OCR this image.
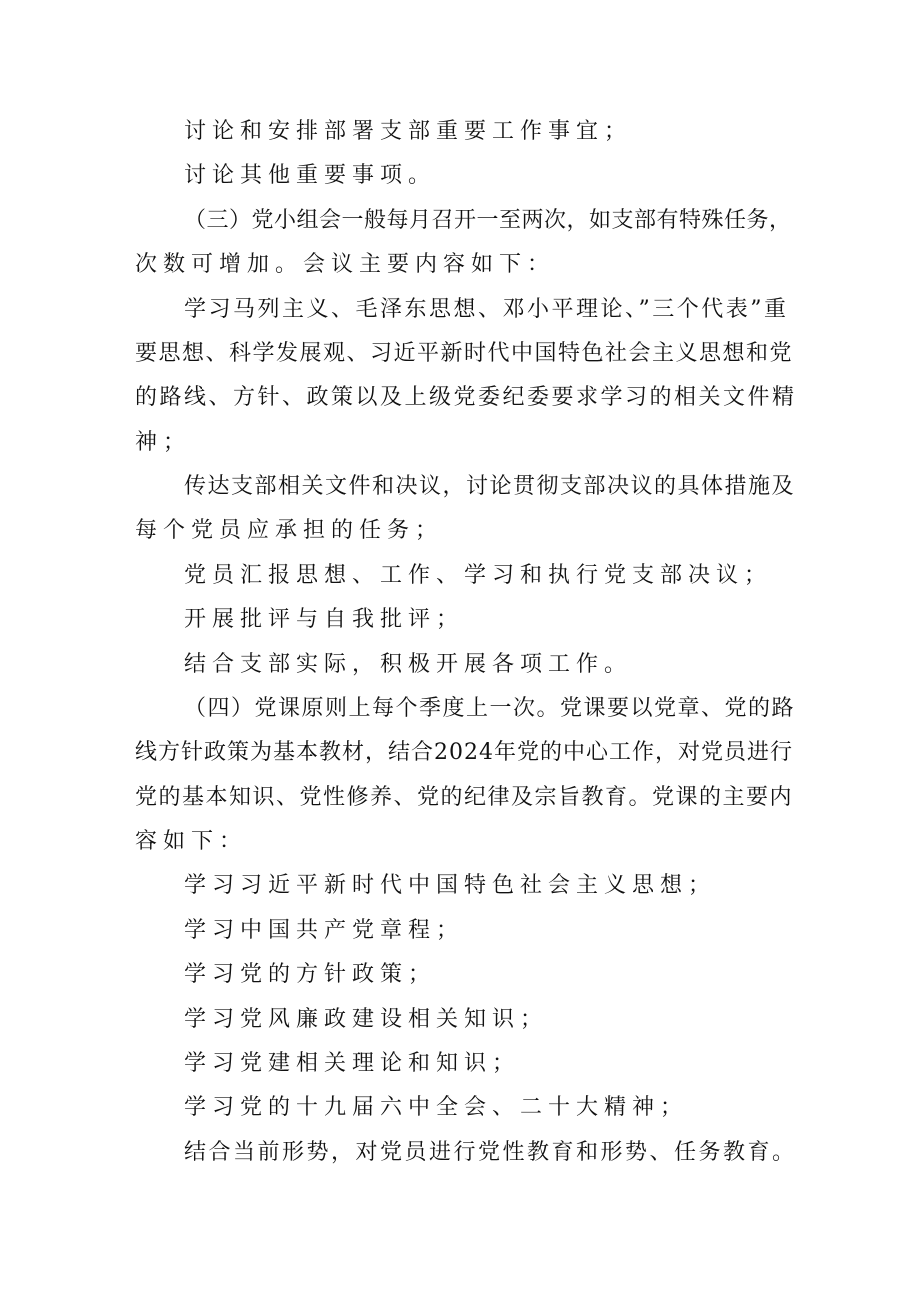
讨论和安排部署支部重要工作事宜；
讨论其他重要事项。
（三）党小组会一般每月召开一至两次，如支部有特殊任务，
次数可增加。会议主要内容如下：
学习马列主义、毛泽东思想、邓小平理论、”三个代表”重
要思想、科学发展观、习近平新时代中国特色社会主义思想和党
的路线、方针、政策以及上级党委纪委要求学习的相关文件精
神；
传达支部相关文件和决议，讨论贯彻支部决议的具体措施及
每个党员应承担的任务；
党员汇报思想、工作、学习和执行党支部决议；
开展批评与自我批评；
结合支部实际，积极开展各项工作。
（四）党课原则上每个季度上一次。党课要以党章、党的路
线方针政策为基本教材，结合2024年党的中心工作，对党员进行
党的基本知识、党性修养、党的纪律及宗旨教育。党课的主要内
容如下：
学习习近平新时代中国特色社会主义思想；
学习中国共产党章程；
学习党的方针政策；
学习党风廉政建设相关知识；
学习党建相关理论和知识；
学习党的十九届六中全会、二十大精神；
结合当前形势，对党员进行党性教育和形势、任务教育。
